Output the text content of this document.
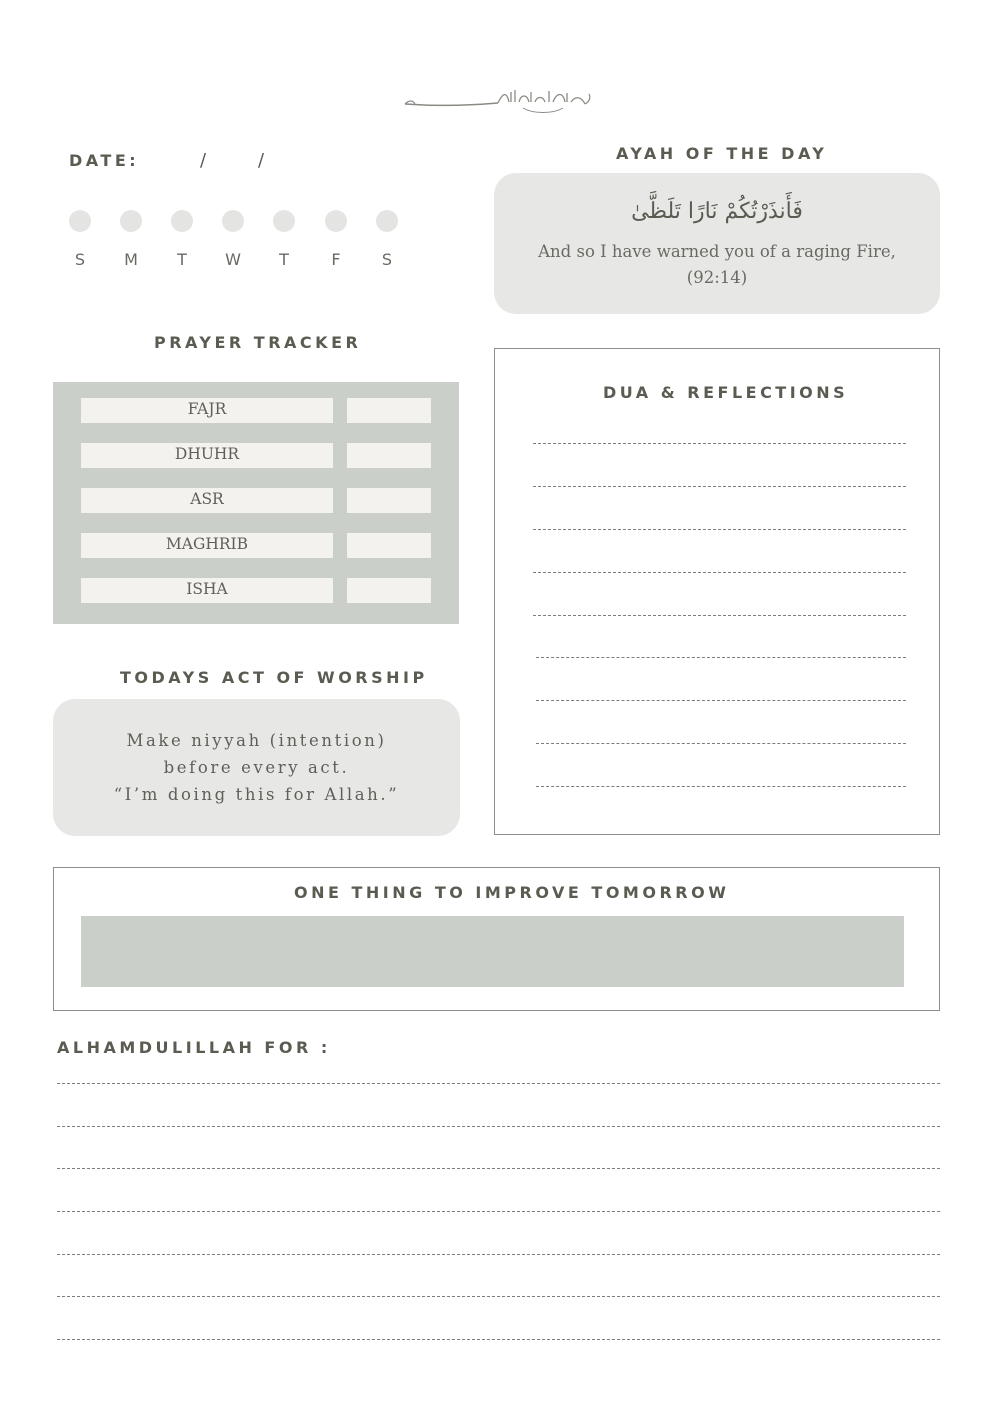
DATE:	/	/
S	M	T	W	T	F	S
AYAH OF THE DAY
فَأَنذَرْتُكُمْ نَارًا تَلَظَّىٰ
And so I have warned you of a raging Fire,
(92:14)
PRAYER TRACKER
FAJR
DHUHR
ASR
MAGHRIB
ISHA
TODAYS ACT OF WORSHIP
Make niyyah (intention)
before every act.
“I’m doing this for Allah.”
DUA & REFLECTIONS
ONE THING TO IMPROVE TOMORROW
ALHAMDULILLAH FOR :
